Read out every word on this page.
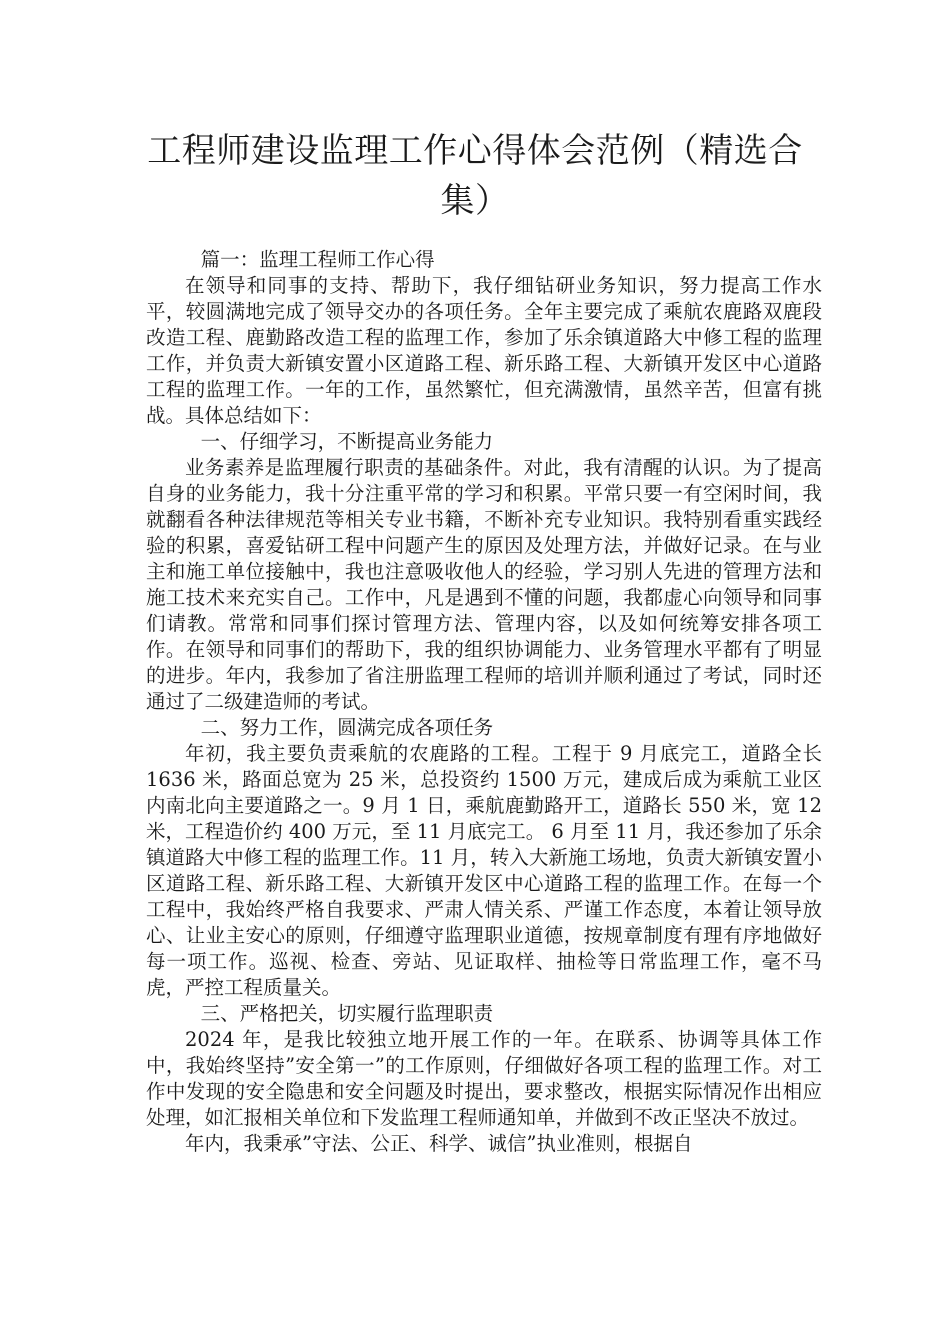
工程师建设监理工作心得体会范例（精选合集）

篇一：监理工程师工作心得

在领导和同事的支持、帮助下，我仔细钻研业务知识，努力提高工作水平，较圆满地完成了领导交办的各项任务。全年主要完成了乘航农鹿路双鹿段改造工程、鹿勤路改造工程的监理工作，参加了乐余镇道路大中修工程的监理工作，并负责大新镇安置小区道路工程、新乐路工程、大新镇开发区中心道路工程的监理工作。一年的工作，虽然繁忙，但充满激情，虽然辛苦，但富有挑战。具体总结如下：

一、仔细学习，不断提高业务能力

业务素养是监理履行职责的基础条件。对此，我有清醒的认识。为了提高自身的业务能力，我十分注重平常的学习和积累。平常只要一有空闲时间，我就翻看各种法律规范等相关专业书籍，不断补充专业知识。我特别看重实践经验的积累，喜爱钻研工程中问题产生的原因及处理方法，并做好记录。在与业主和施工单位接触中，我也注意吸收他人的经验，学习别人先进的管理方法和施工技术来充实自己。工作中，凡是遇到不懂的问题，我都虚心向领导和同事们请教。常常和同事们探讨管理方法、管理内容，以及如何统筹安排各项工作。在领导和同事们的帮助下，我的组织协调能力、业务管理水平都有了明显的进步。年内，我参加了省注册监理工程师的培训并顺利通过了考试，同时还通过了二级建造师的考试。

二、努力工作，圆满完成各项任务

年初，我主要负责乘航的农鹿路的工程。工程于 9 月底完工，道路全长 1636 米，路面总宽为 25 米，总投资约 1500 万元，建成后成为乘航工业区内南北向主要道路之一。9 月 1 日，乘航鹿勤路开工，道路长 550 米，宽 12 米，工程造价约 400 万元，至 11 月底完工。 6 月至 11 月，我还参加了乐余镇道路大中修工程的监理工作。11 月，转入大新施工场地，负责大新镇安置小区道路工程、新乐路工程、大新镇开发区中心道路工程的监理工作。在每一个工程中，我始终严格自我要求、严肃人情关系、严谨工作态度，本着让领导放心、让业主安心的原则，仔细遵守监理职业道德，按规章制度有理有序地做好每一项工作。巡视、检查、旁站、见证取样、抽检等日常监理工作，毫不马虎，严控工程质量关。

三、严格把关，切实履行监理职责

2024 年，是我比较独立地开展工作的一年。在联系、协调等具体工作中，我始终坚持”安全第一”的工作原则，仔细做好各项工程的监理工作。对工作中发现的安全隐患和安全问题及时提出，要求整改，根据实际情况作出相应处理，如汇报相关单位和下发监理工程师通知单，并做到不改正坚决不放过。

年内，我秉承”守法、公正、科学、诚信”执业准则，根据自
